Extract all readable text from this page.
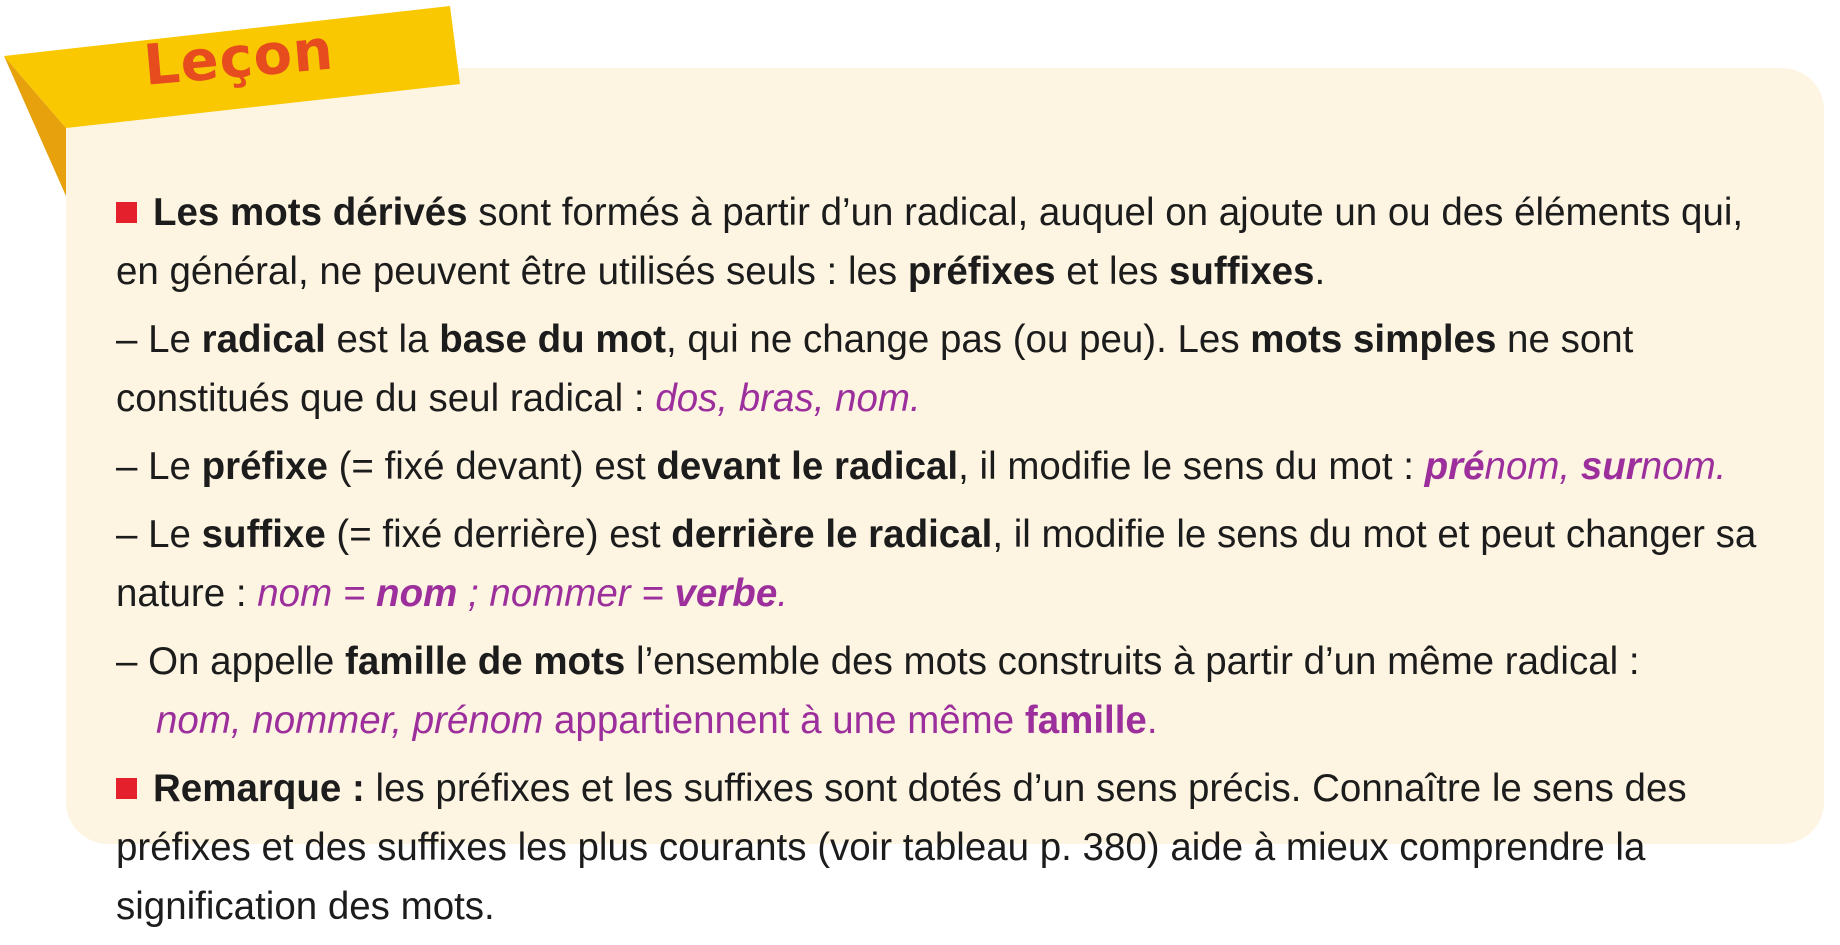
Leçon

Les mots dérivés sont formés à partir d’un radical, auquel on ajoute un ou des éléments qui, en général, ne peuvent être utilisés seuls : les préfixes et les suffixes.

– Le radical est la base du mot, qui ne change pas (ou peu). Les mots simples ne sont constitués que du seul radical : dos, bras, nom.

– Le préfixe (= fixé devant) est devant le radical, il modifie le sens du mot : prénom, surnom.

– Le suffixe (= fixé derrière) est derrière le radical, il modifie le sens du mot et peut changer sa nature : nom = nom ; nommer = verbe.

– On appelle famille de mots l’ensemble des mots construits à partir d’un même radical :
nom, nommer, prénom appartiennent à une même famille.

Remarque : les préfixes et les suffixes sont dotés d’un sens précis. Connaître le sens des préfixes et des suffixes les plus courants (voir tableau p. 380) aide à mieux comprendre la signification des mots.
